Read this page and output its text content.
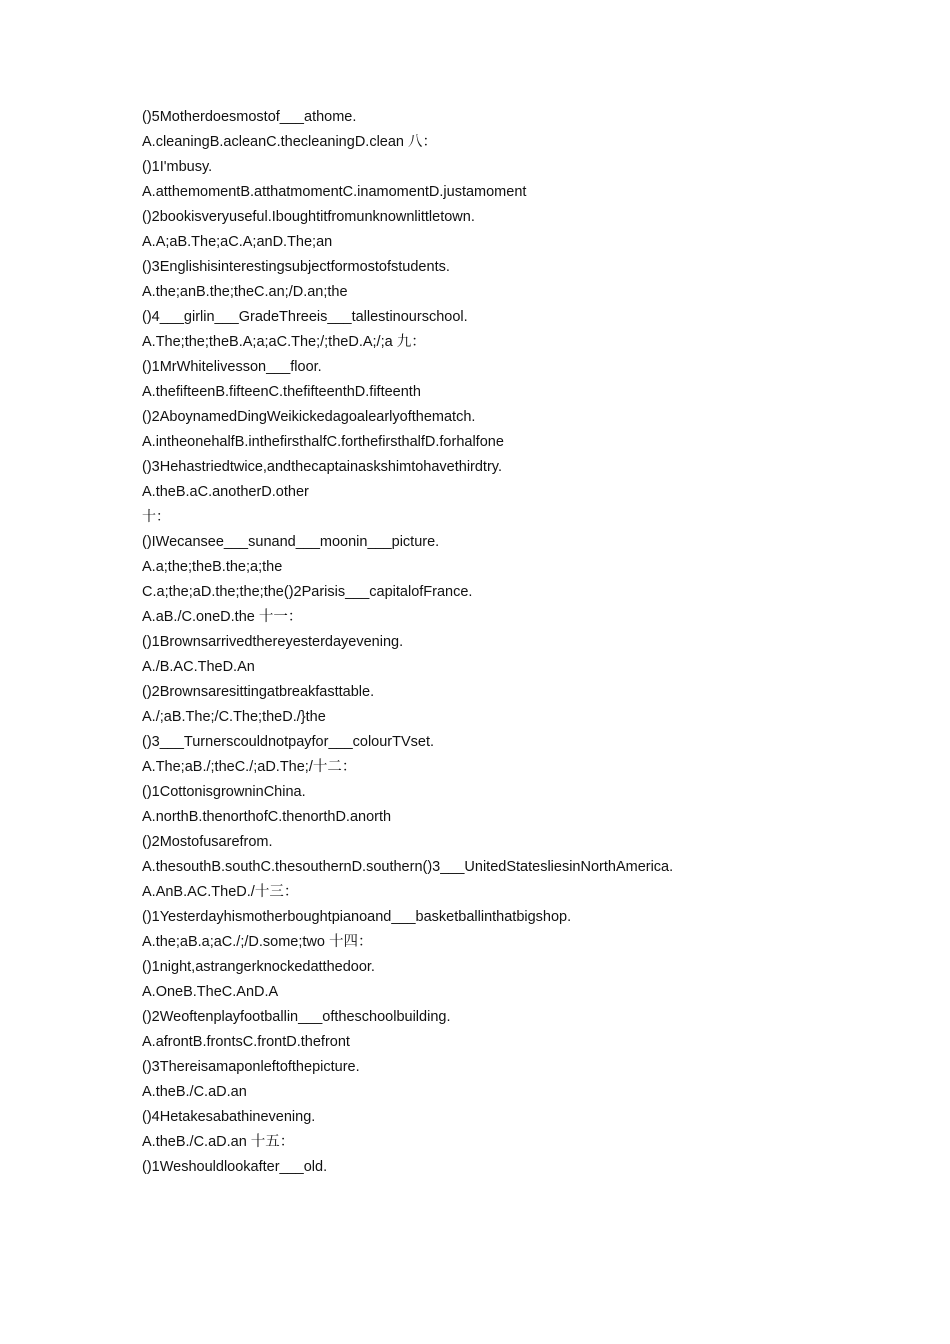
()5Motherdoesmostof___athome.
A.cleaningB.acleanC.thecleaningD.clean 八：
()1I'mbusy.
A.atthemomentB.atthatmomentC.inamomentD.justamoment
()2bookisveryuseful.Iboughtitfromunknownlittletown.
A.A;aB.The;aC.A;anD.The;an
()3Englishisinterestingsubjectformostofstudents.
A.the;anB.the;theC.an;/D.an;the
()4___girlin___GradeThreeis___tallestinourschool.
A.The;the;theB.A;a;aC.The;/;theD.A;/;a 九：
()1MrWhitelivesson___floor.
A.thefifteenB.fifteenC.thefifteenthD.fifteenth
()2AboynamedDingWeikickedagoalearlyofthematch.
A.intheonehalfB.inthefirsthalfC.forthefirsthalfD.forhalfone
()3Hehastriedtwice,andthecaptainaskshimtohavethirdtry.
A.theB.aC.anotherD.other
十：
()IWecansee___sunand___moonin___picture.
A.a;the;theB.the;a;the
C.a;the;aD.the;the;the()2Parisis___capitalofFrance.
A.aB./C.oneD.the 十一：
()1Brownsarrivedthereyesterdayevening.
A./B.AC.TheD.An
()2Brownsaresittingatbreakfasttable.
A./;aB.The;/C.The;theD./}the
()3___Turnerscouldnotpayfor___colourTVset.
A.The;aB./;theC./;aD.The;/十二：
()1CottonisgrowninChina.
A.northB.thenorthofC.thenorthD.anorth
()2Mostofusarefrom.
A.thesouthB.southC.thesouthernD.southern()3___UnitedStatesliesinNorthAmerica.
A.AnB.AC.TheD./十三：
()1Yesterdayhismotherboughtpianoand___basketballinthatbigshop.
A.the;aB.a;aC./;/D.some;two 十四：
()1night,astrangerknockedatthedoor.
A.OneB.TheC.AnD.A
()2Weoftenplayfootballin___oftheschoolbuilding.
A.afrontB.frontsC.frontD.thefront
()3Thereisamaponleftofthepicture.
A.theB./C.aD.an
()4Hetakesabathinevening.
A.theB./C.aD.an 十五：
()1Weshouldlookafter___old.
